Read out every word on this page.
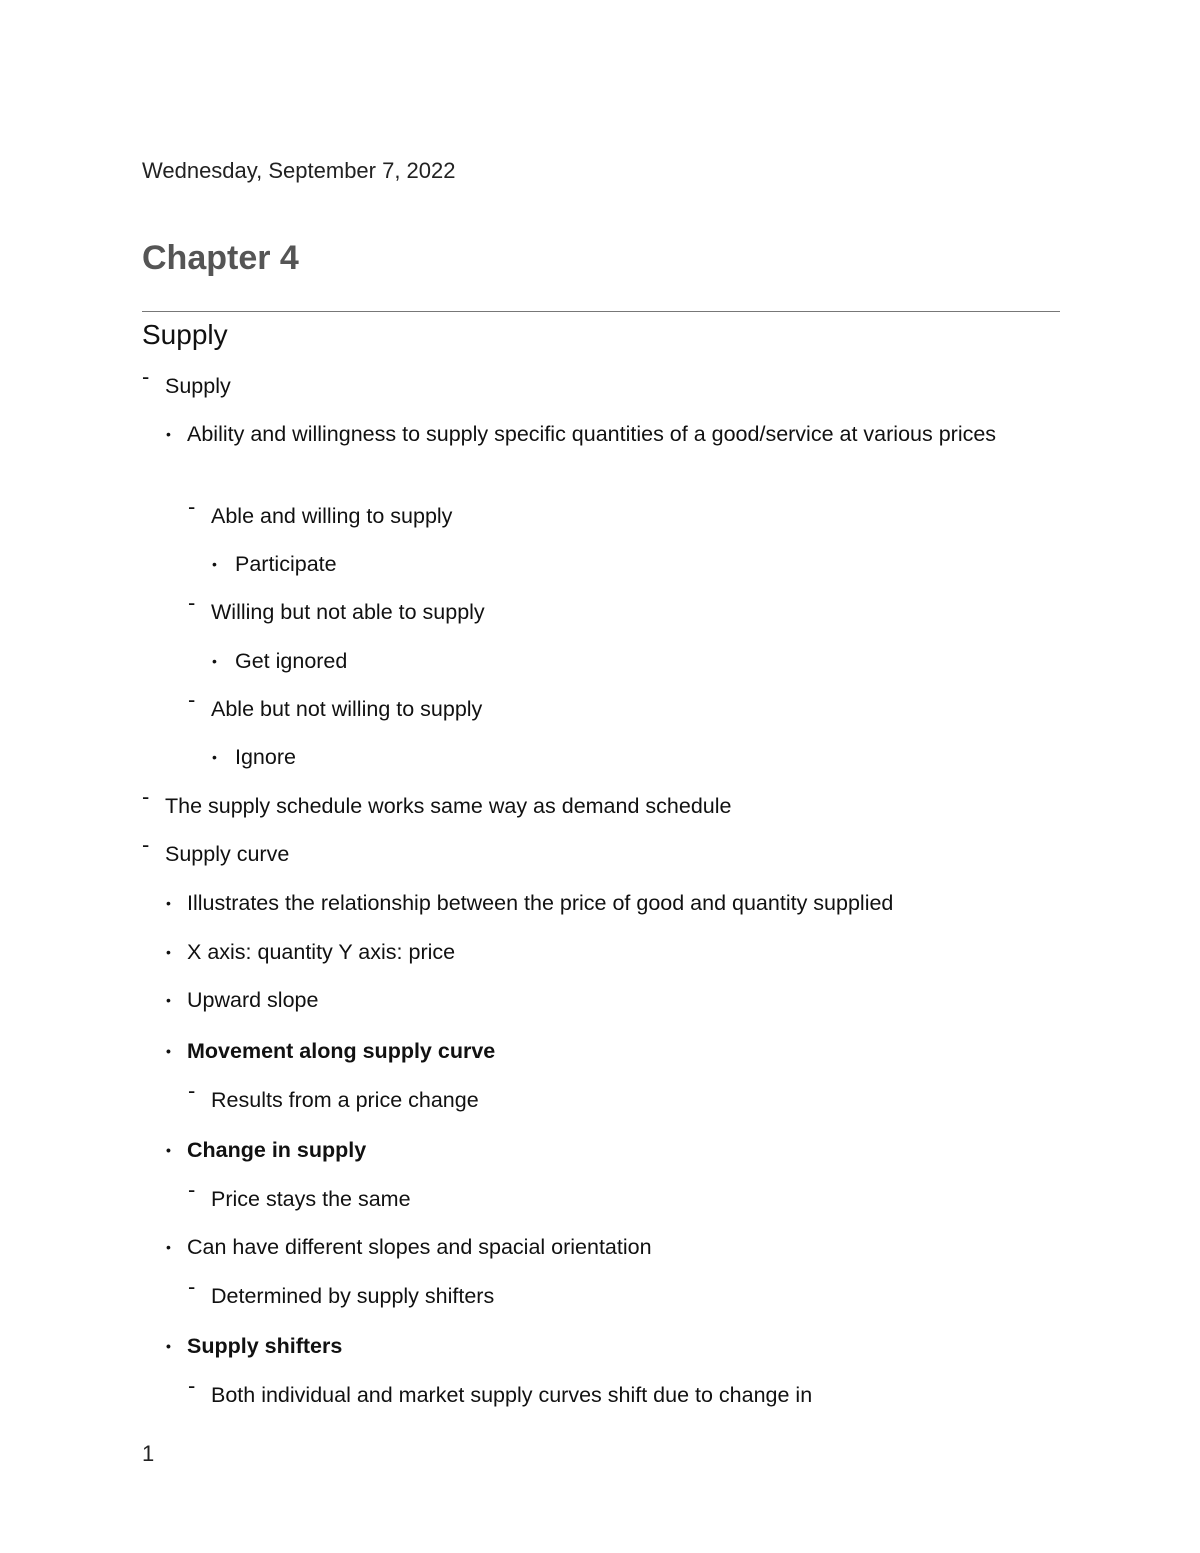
Wednesday, September 7, 2022
Chapter 4
Supply
- Supply
• Ability and willingness to supply specific quantities of a good/service at various prices
- Able and willing to supply
• Participate
- Willing but not able to supply
• Get ignored
- Able but not willing to supply
• Ignore
- The supply schedule works same way as demand schedule
- Supply curve
• Illustrates the relationship between the price of good and quantity supplied
• X axis: quantity Y axis: price
• Upward slope
• Movement along supply curve
- Results from a price change
• Change in supply
- Price stays the same
• Can have different slopes and spacial orientation
- Determined by supply shifters
• Supply shifters
- Both individual and market supply curves shift due to change in
1
